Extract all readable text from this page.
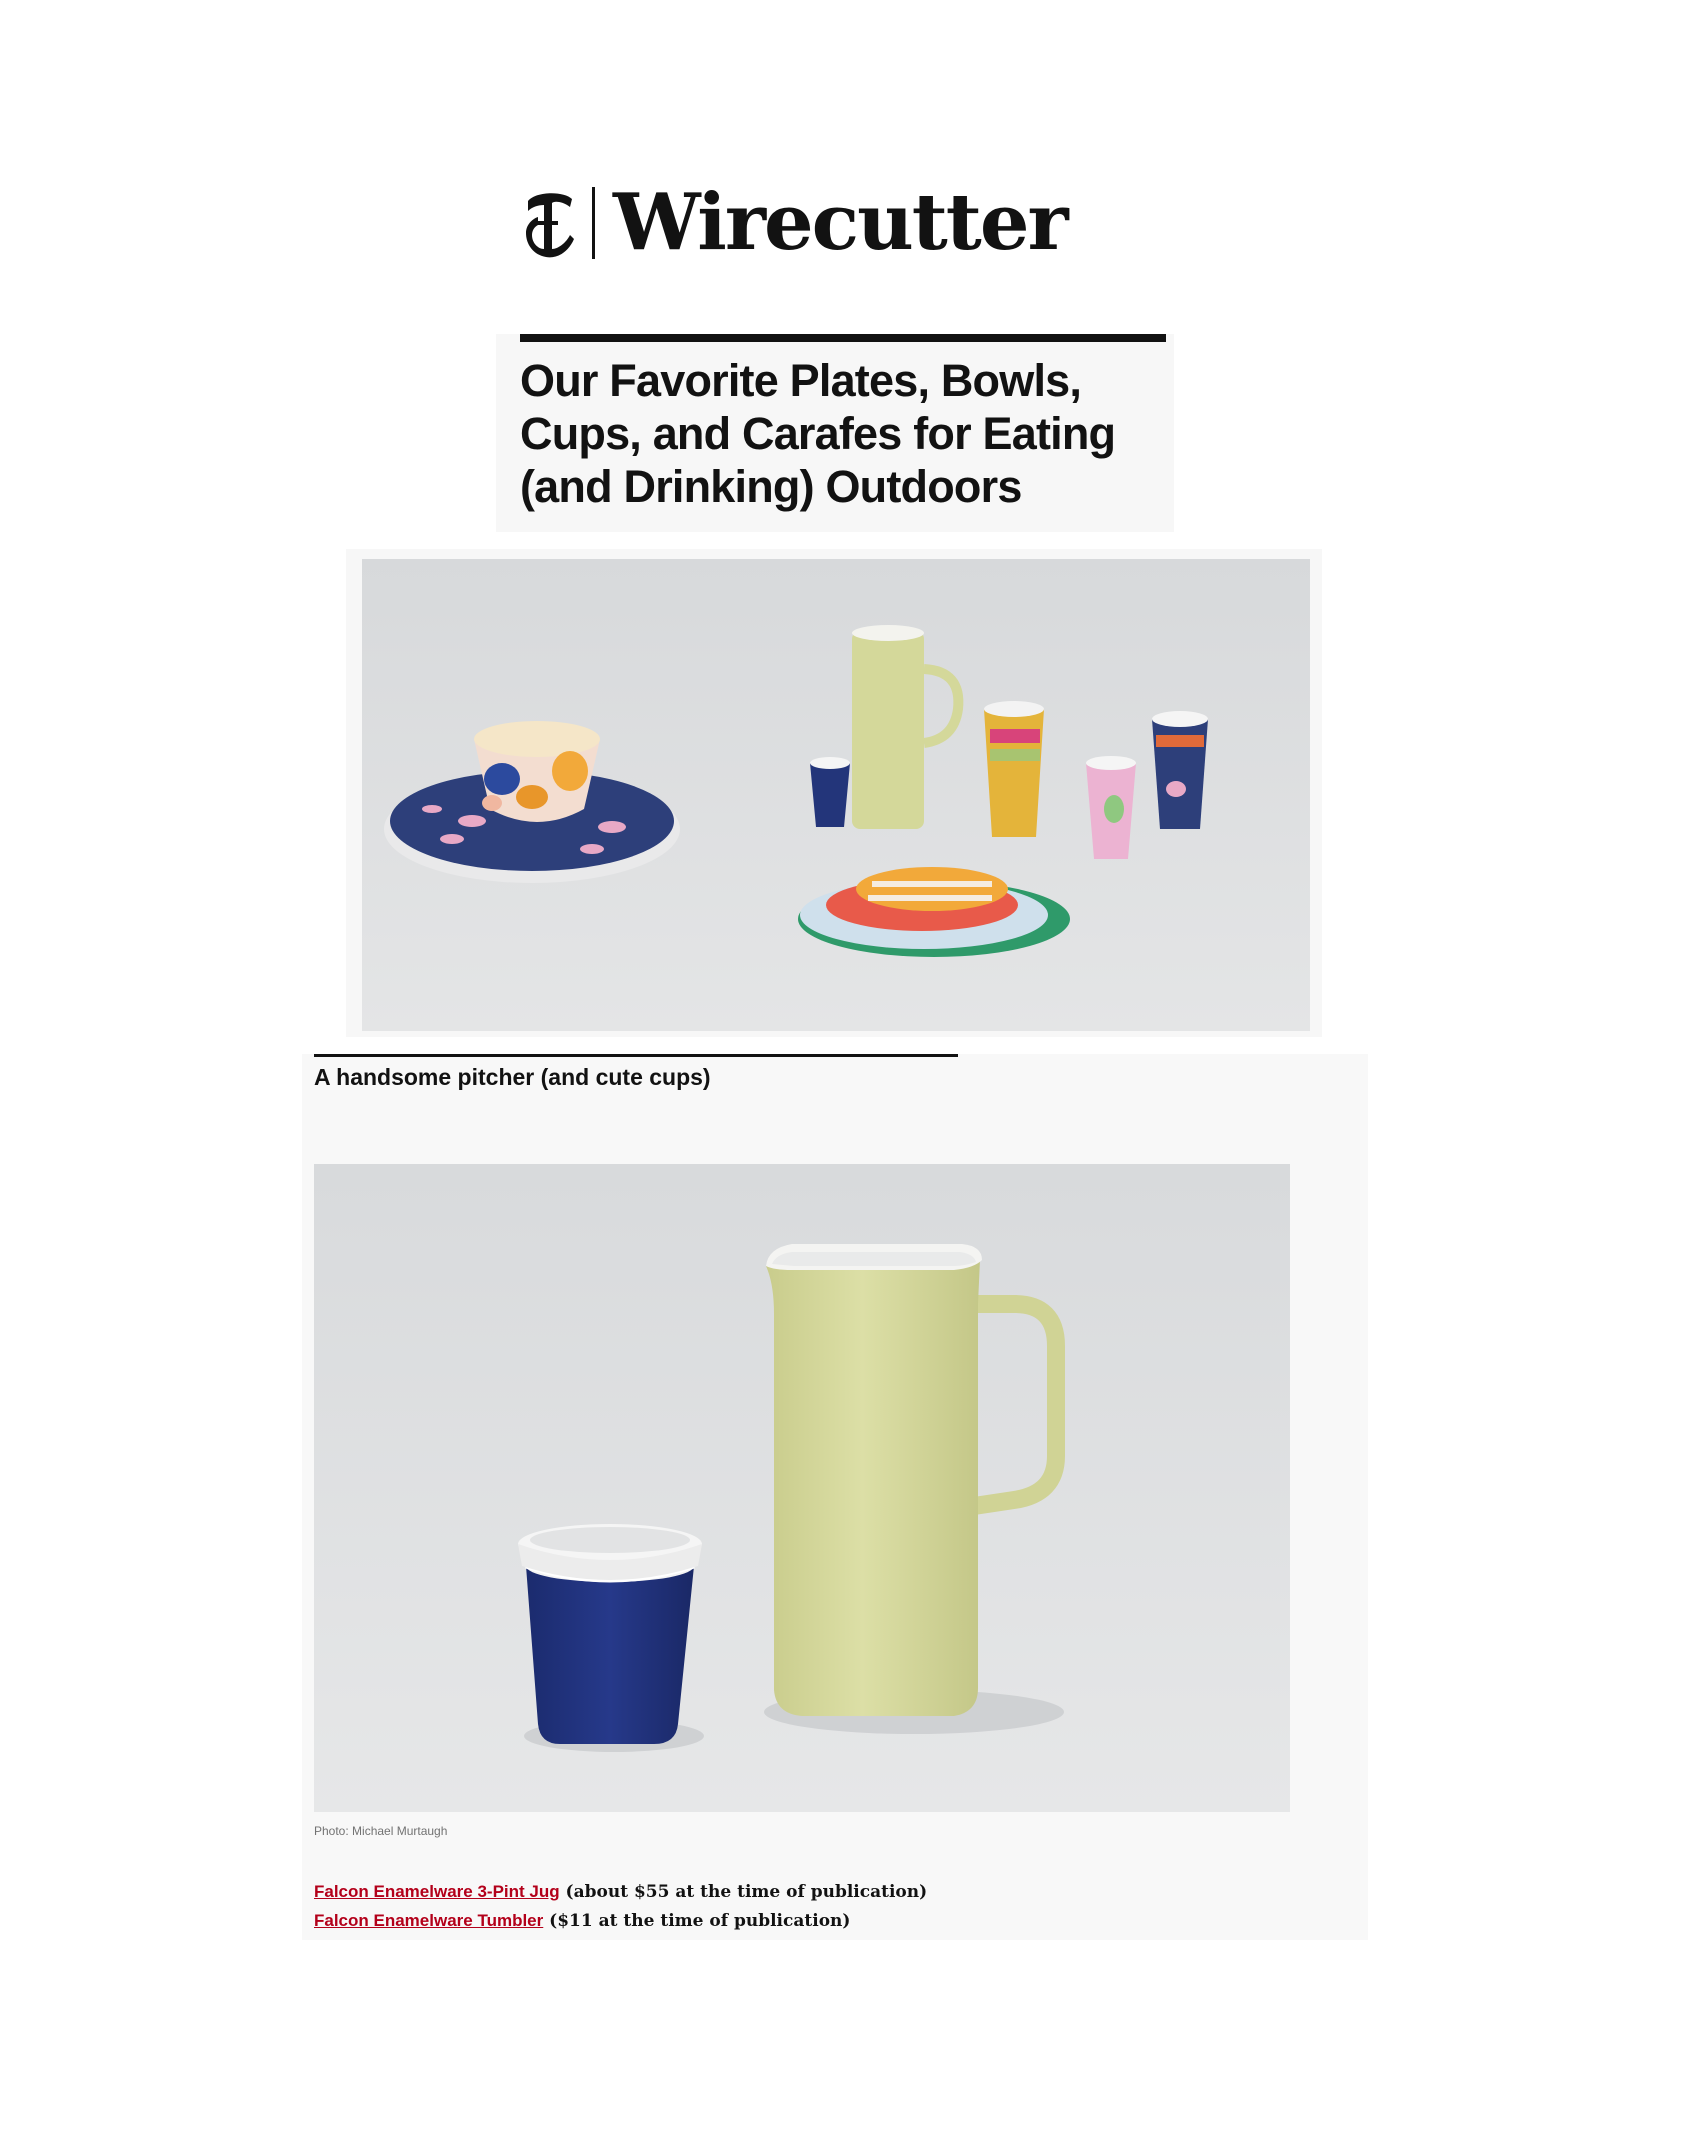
Wirecutter
Our Favorite Plates, Bowls, Cups, and Carafes for Eating (and Drinking) Outdoors
A handsome pitcher (and cute cups)
Photo: Michael Murtaugh
Falcon Enamelware 3-Pint Jug (about $55 at the time of publication)
Falcon Enamelware Tumbler ($11 at the time of publication)
